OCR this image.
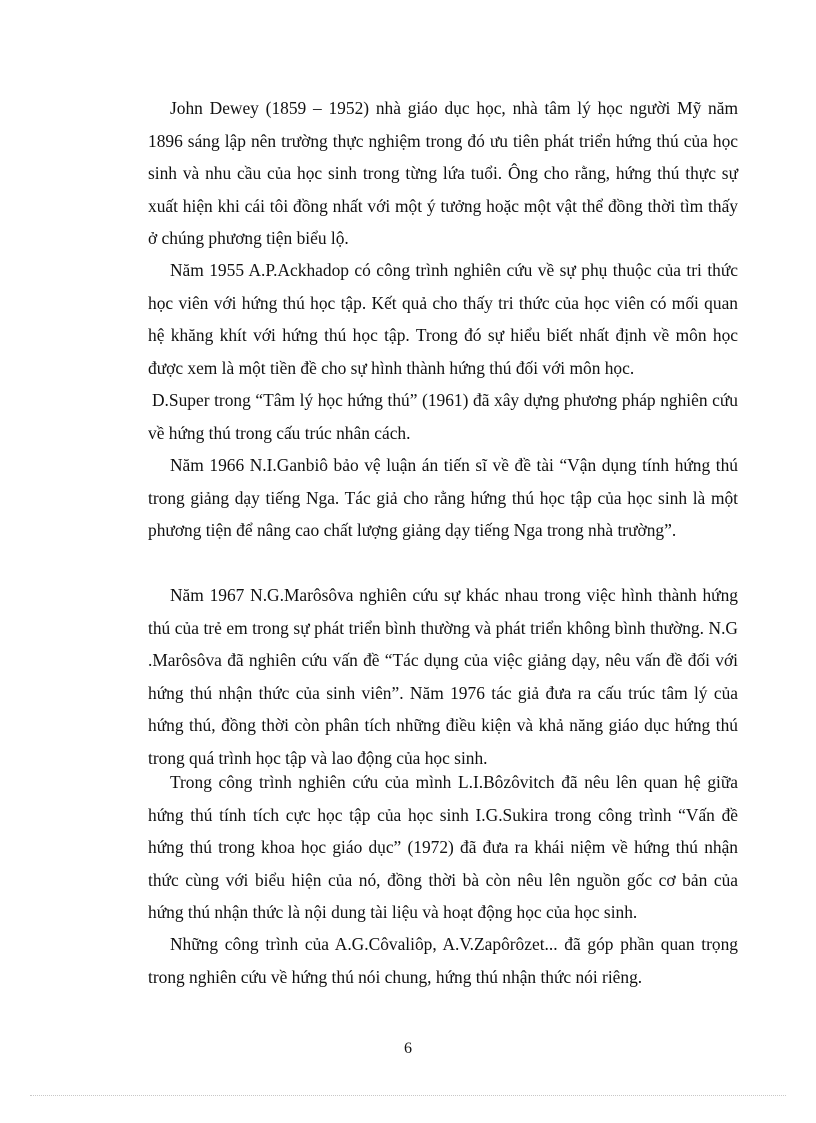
John Dewey (1859 – 1952) nhà giáo dục học, nhà tâm lý học người Mỹ năm 1896 sáng lập nên trường thực nghiệm trong đó ưu tiên phát triển hứng thú của học sinh và nhu cầu của học sinh trong từng lứa tuổi. Ông cho rằng, hứng thú thực sự xuất hiện khi cái tôi đồng nhất với một ý tưởng hoặc một vật thể đồng thời tìm thấy ở chúng phương tiện biểu lộ.

Năm 1955 A.P.Ackhadop có công trình nghiên cứu về sự phụ thuộc của tri thức học viên với hứng thú học tập. Kết quả cho thấy tri thức của học viên có mối quan hệ khăng khít với hứng thú học tập. Trong đó sự hiểu biết nhất định về môn học được xem là một tiền đề cho sự hình thành hứng thú đối với môn học.

D.Super trong “Tâm lý học hứng thú” (1961) đã xây dựng phương pháp nghiên cứu về hứng thú trong cấu trúc nhân cách.

Năm 1966 N.I.Ganbiô bảo vệ luận án tiến sĩ về đề tài “Vận dụng tính hứng thú trong giảng dạy tiếng Nga. Tác giả cho rằng hứng thú học tập của học sinh là một phương tiện để nâng cao chất lượng giảng dạy tiếng Nga trong nhà trường”.

Năm 1967 N.G.Marôsôva nghiên cứu sự khác nhau trong việc hình thành hứng thú của trẻ em trong sự phát triển bình thường và phát triển không bình thường. N.G .Marôsôva đã nghiên cứu vấn đề “Tác dụng của việc giảng dạy, nêu vấn đề đối với hứng thú nhận thức của sinh viên”. Năm 1976 tác giả đưa ra cấu trúc tâm lý của hứng thú, đồng thời còn phân tích những điều kiện và khả năng giáo dục hứng thú trong quá trình học tập và lao động của học sinh.

Trong công trình nghiên cứu của mình L.I.Bôzôvitch đã nêu lên quan hệ giữa hứng thú tính tích cực học tập của học sinh I.G.Sukira trong công trình “Vấn đề hứng thú trong khoa học giáo dục” (1972) đã đưa ra khái niệm về hứng thú nhận thức cùng với biểu hiện của nó, đồng thời bà còn nêu lên nguồn gốc cơ bản của hứng thú nhận thức là nội dung tài liệu và hoạt động học của học sinh.

Những công trình của A.G.Côvaliôp, A.V.Zapôrôzet... đã góp phần quan trọng trong nghiên cứu về hứng thú nói chung, hứng thú nhận thức nói riêng.

6
